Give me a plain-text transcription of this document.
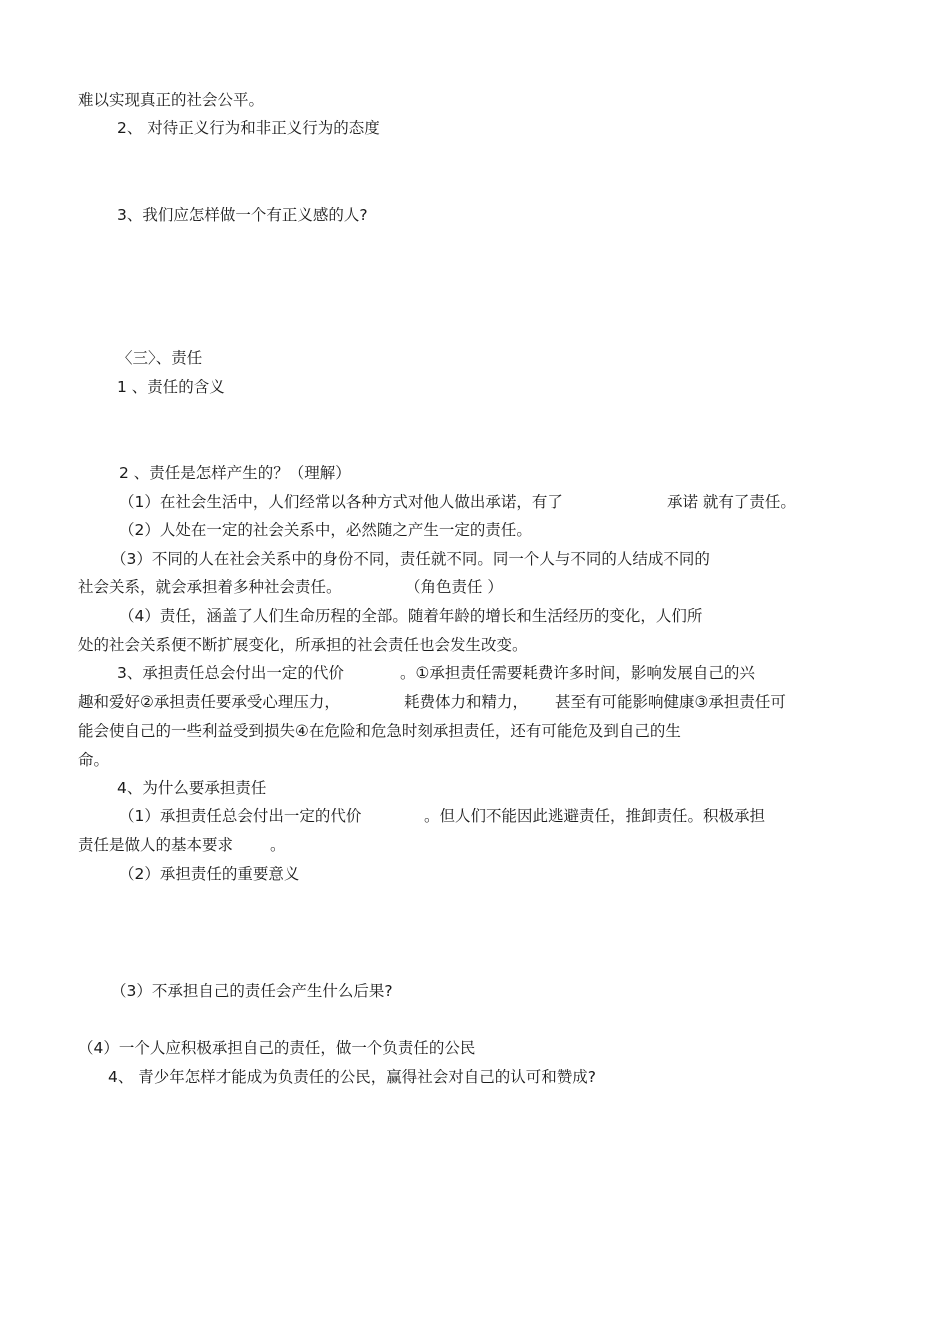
难以实现真正的社会公平。
2、 对待正义行为和非正义行为的态度
3、我们应怎样做一个有正义感的人?
〈三〉、责任
1 、责任的含义
2 、责任是怎样产生的？（理解）
（1）在社会生活中，人们经常以各种方式对他人做出承诺，有了	承诺 就有了责任。
（2）人处在一定的社会关系中，必然随之产生一定的责任。
（3）不同的人在社会关系中的身份不同，责任就不同。同一个人与不同的人结成不同的
社会关系，就会承担着多种社会责任。	（角色责任 ）
（4）责任，涵盖了人们生命历程的全部。随着年龄的增长和生活经历的变化，人们所
处的社会关系便不断扩展变化，所承担的社会责任也会发生改变。
3、承担责任总会付出一定的代价	。①承担责任需要耗费许多时间，影响发展自己的兴
趣和爱好②承担责任要承受心理压力，	耗费体力和精力， 甚至有可能影响健康③承担责任可
能会使自己的一些利益受到损失④在危险和危急时刻承担责任，还有可能危及到自己的生
命。
4、为什么要承担责任
（1）承担责任总会付出一定的代价	。但人们不能因此逃避责任，推卸责任。积极承担
责任是做人的基本要求 。
（2）承担责任的重要意义
（3）不承担自己的责任会产生什么后果?
（4）一个人应积极承担自己的责任，做一个负责任的公民
4、 青少年怎样才能成为负责任的公民，赢得社会对自己的认可和赞成?
